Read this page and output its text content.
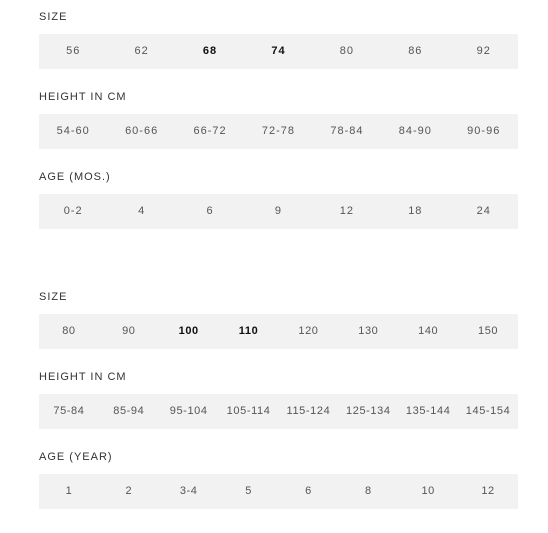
SIZE
56	62	68	74	80	86	92
HEIGHT IN CM
54-60	60-66	66-72	72-78	78-84	84-90	90-96
AGE (MOS.)
0-2	4	6	9	12	18	24
SIZE
80	90	100	110	120	130	140	150
HEIGHT IN CM
75-84	85-94	95-104	105-114	115-124	125-134	135-144	145-154
AGE (YEAR)
1	2	3-4	5	6	8	10	12
